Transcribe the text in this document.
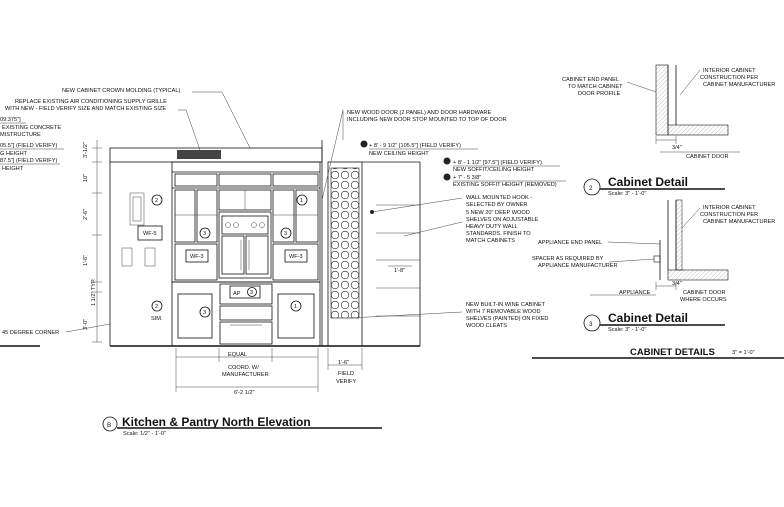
NEW CABINET CROWN MOLDING (TYPICAL)
REPLACE EXISTING AIR CONDITIONING SUPPLY GRILLE
WITH NEW - FIELD VERIFY SIZE AND MATCH EXISTING SIZE
09.375"]
EXISTING CONCRETE
MISTRUCTURE
05.5"] (FIELD VERIFY)
G HEIGHT
87.5"] (FIELD VERIFY)
HEIGHT
45 DEGREE CORNER
3'-1/2"
10"
2'-6"
1'-6"
1 1/2" TYP.
3'-0"
WF-5
AP 3
WF-3	WF-3
2
3
1
3
2
SIM.
3
1
1'-8"
NEW WOOD DOOR (2 PANEL) AND DOOR HARDWARE
INCLUDING NEW DOOR STOP MOUNTED TO TOP OF DOOR
WALL MOUNTED HOOK -
SELECTED BY OWNER
5 NEW 20" DEEP WOOD
SHELVES ON ADJUSTABLE
HEAVY DUTY WALL
STANDARDS. FINISH TO
MATCH CABINETS
NEW BUILT-IN WINE CABINET
WITH 7 REMOVABLE WOOD
SHELVES (PAINTED) ON FIXED
WOOD CLEATS
+ 8' - 9 1/2" [105.5"] (FIELD VERIFY)
NEW CEILING HEIGHT
+ 8' - 1 1/2" [97.5"] (FIELD VERIFY)
NEW SOFFIT/CEILING HEIGHT
+ 7' - 5 3/8"
EXISTING SOFFIT HEIGHT (REMOVED)
EQUAL
COORD. W/
MANUFACTURER
6'-2 1/2"
1'-6"
FIELD
VERIFY
B Kitchen & Pantry North Elevation
Scale: 1/2" - 1'-0"
3/4"
CABINET DOOR
CABINET END PANEL
TO MATCH CABINET
DOOR PROFILE
INTERIOR CABINET
CONSTRUCTION PER
CABINET MANUFACTURER
2 Cabinet Detail
Scale: 3" - 1'-0"
3/4"
CABINET DOOR
WHERE OCCURS
APPLIANCE
INTERIOR CABINET
CONSTRUCTION PER
CABINET MANUFACTURER
APPLIANCE END PANEL
SPACER AS REQUIRED BY
APPLIANCE MANUFACTURER
3 Cabinet Detail
Scale: 3" - 1'-0"
CABINET DETAILS	3" = 1'-0"
